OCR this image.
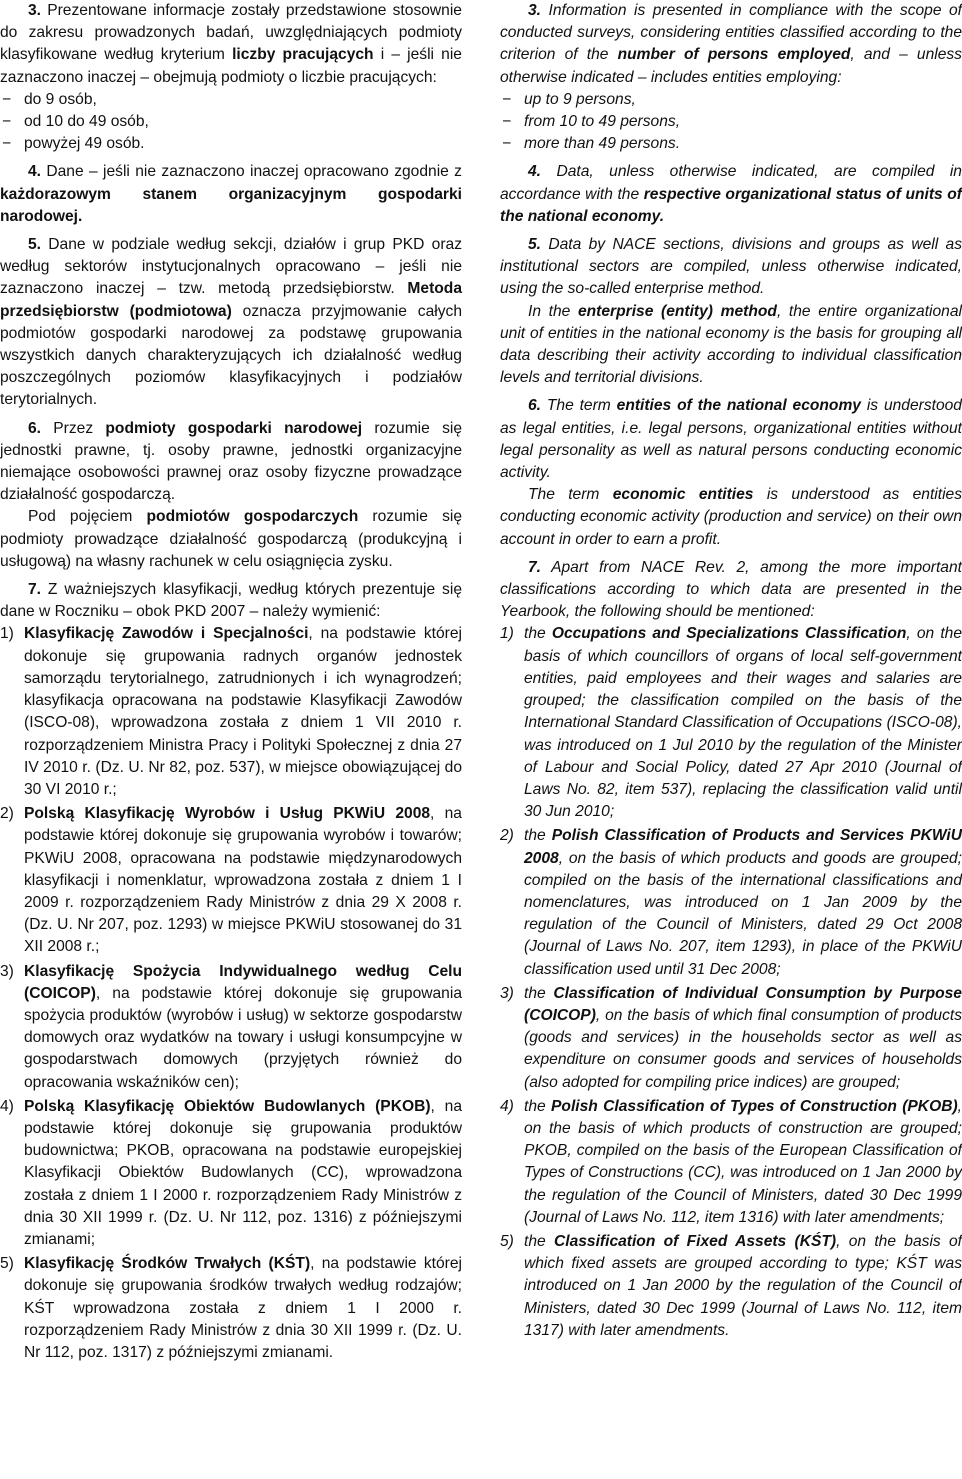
3. Prezentowane informacje zostały przedstawione stosownie do zakresu prowadzonych badań, uwzględniających podmioty klasyfikowane według kryterium liczby pracujących i – jeśli nie zaznaczono inaczej – obejmują podmioty o liczbie pracujących:

− do 9 osób,
− od 10 do 49 osób,
− powyżej 49 osób.

4. Dane – jeśli nie zaznaczono inaczej opracowano zgodnie z każdorazowym stanem organizacyjnym gospodarki narodowej.

5. Dane w podziale według sekcji, działów i grup PKD oraz według sektorów instytucjonalnych opracowano – jeśli nie zaznaczono inaczej – tzw. metodą przedsiębiorstw. Metoda przedsiębiorstw (podmiotowa) oznacza przyjmowanie całych podmiotów gospodarki narodowej za podstawę grupowania wszystkich danych charakteryzujących ich działalność według poszczególnych poziomów klasyfikacyjnych i podziałów terytorialnych.

6. Przez podmioty gospodarki narodowej rozumie się jednostki prawne, tj. osoby prawne, jednostki organizacyjne niemające osobowości prawnej oraz osoby fizyczne prowadzące działalność gospodarczą.

Pod pojęciem podmiotów gospodarczych rozumie się podmioty prowadzące działalność gospodarczą (produkcyjną i usługową) na własny rachunek w celu osiągnięcia zysku.

7. Z ważniejszych klasyfikacji, według których prezentuje się dane w Roczniku – obok PKD 2007 – należy wymienić:

1) Klasyfikację Zawodów i Specjalności, na podstawie której dokonuje się grupowania radnych organów jednostek samorządu terytorialnego, zatrudnionych i ich wynagrodzeń; klasyfikacja opracowana na podstawie Klasyfikacji Zawodów (ISCO-08), wprowadzona została z dniem 1 VII 2010 r. rozporządzeniem Ministra Pracy i Polityki Społecznej z dnia 27 IV 2010 r. (Dz. U. Nr 82, poz. 537), w miejsce obowiązującej do 30 VI 2010 r.;
2) Polską Klasyfikację Wyrobów i Usług PKWiU 2008, na podstawie której dokonuje się grupowania wyrobów i towarów; PKWiU 2008, opracowana na podstawie międzynarodowych klasyfikacji i nomenklatur, wprowadzona została z dniem 1 I 2009 r. rozporządzeniem Rady Ministrów z dnia 29 X 2008 r. (Dz. U. Nr 207, poz. 1293) w miejsce PKWiU stosowanej do 31 XII 2008 r.;
3) Klasyfikację Spożycia Indywidualnego według Celu (COICOP), na podstawie której dokonuje się grupowania spożycia produktów (wyrobów i usług) w sektorze gospodarstw domowych oraz wydatków na towary i usługi konsumpcyjne w gospodarstwach domowych (przyjętych również do opracowania wskaźników cen);
4) Polską Klasyfikację Obiektów Budowlanych (PKOB), na podstawie której dokonuje się grupowania produktów budownictwa; PKOB, opracowana na podstawie europejskiej Klasyfikacji Obiektów Budowlanych (CC), wprowadzona została z dniem 1 I 2000 r. rozporządzeniem Rady Ministrów z dnia 30 XII 1999 r. (Dz. U. Nr 112, poz. 1316) z późniejszymi zmianami;
5) Klasyfikację Środków Trwałych (KŚT), na podstawie której dokonuje się grupowania środków trwałych według rodzajów; KŚT wprowadzona została z dniem 1 I 2000 r. rozporządzeniem Rady Ministrów z dnia 30 XII 1999 r. (Dz. U. Nr 112, poz. 1317) z późniejszymi zmianami.

3. Information is presented in compliance with the scope of conducted surveys, considering entities classified according to the criterion of the number of persons employed, and – unless otherwise indicated – includes entities employing:

− up to 9 persons,
− from 10 to 49 persons,
− more than 49 persons.

4. Data, unless otherwise indicated, are compiled in accordance with the respective organizational status of units of the national economy.

5. Data by NACE sections, divisions and groups as well as institutional sectors are compiled, unless otherwise indicated, using the so-called enterprise method.

In the enterprise (entity) method, the entire organizational unit of entities in the national economy is the basis for grouping all data describing their activity according to individual classification levels and territorial divisions.

6. The term entities of the national economy is understood as legal entities, i.e. legal persons, organizational entities without legal personality as well as natural persons conducting economic activity.

The term economic entities is understood as entities conducting economic activity (production and service) on their own account in order to earn a profit.

7. Apart from NACE Rev. 2, among the more important classifications according to which data are presented in the Yearbook, the following should be mentioned:

1) the Occupations and Specializations Classification, on the basis of which councillors of organs of local self-government entities, paid employees and their wages and salaries are grouped; the classification compiled on the basis of the International Standard Classification of Occupations (ISCO-08), was introduced on 1 Jul 2010 by the regulation of the Minister of Labour and Social Policy, dated 27 Apr 2010 (Journal of Laws No. 82, item 537), replacing the classification valid until 30 Jun 2010;
2) the Polish Classification of Products and Services PKWiU 2008, on the basis of which products and goods are grouped; compiled on the basis of the international classifications and nomenclatures, was introduced on 1 Jan 2009 by the regulation of the Council of Ministers, dated 29 Oct 2008 (Journal of Laws No. 207, item 1293), in place of the PKWiU classification used until 31 Dec 2008;
3) the Classification of Individual Consumption by Purpose (COICOP), on the basis of which final consumption of products (goods and services) in the households sector as well as expenditure on consumer goods and services of households (also adopted for compiling price indices) are grouped;
4) the Polish Classification of Types of Construction (PKOB), on the basis of which products of construction are grouped; PKOB, compiled on the basis of the European Classification of Types of Constructions (CC), was introduced on 1 Jan 2000 by the regulation of the Council of Ministers, dated 30 Dec 1999 (Journal of Laws No. 112, item 1316) with later amendments;
5) the Classification of Fixed Assets (KŚT), on the basis of which fixed assets are grouped according to type; KŚT was introduced on 1 Jan 2000 by the regulation of the Council of Ministers, dated 30 Dec 1999 (Journal of Laws No. 112, item 1317) with later amendments.
